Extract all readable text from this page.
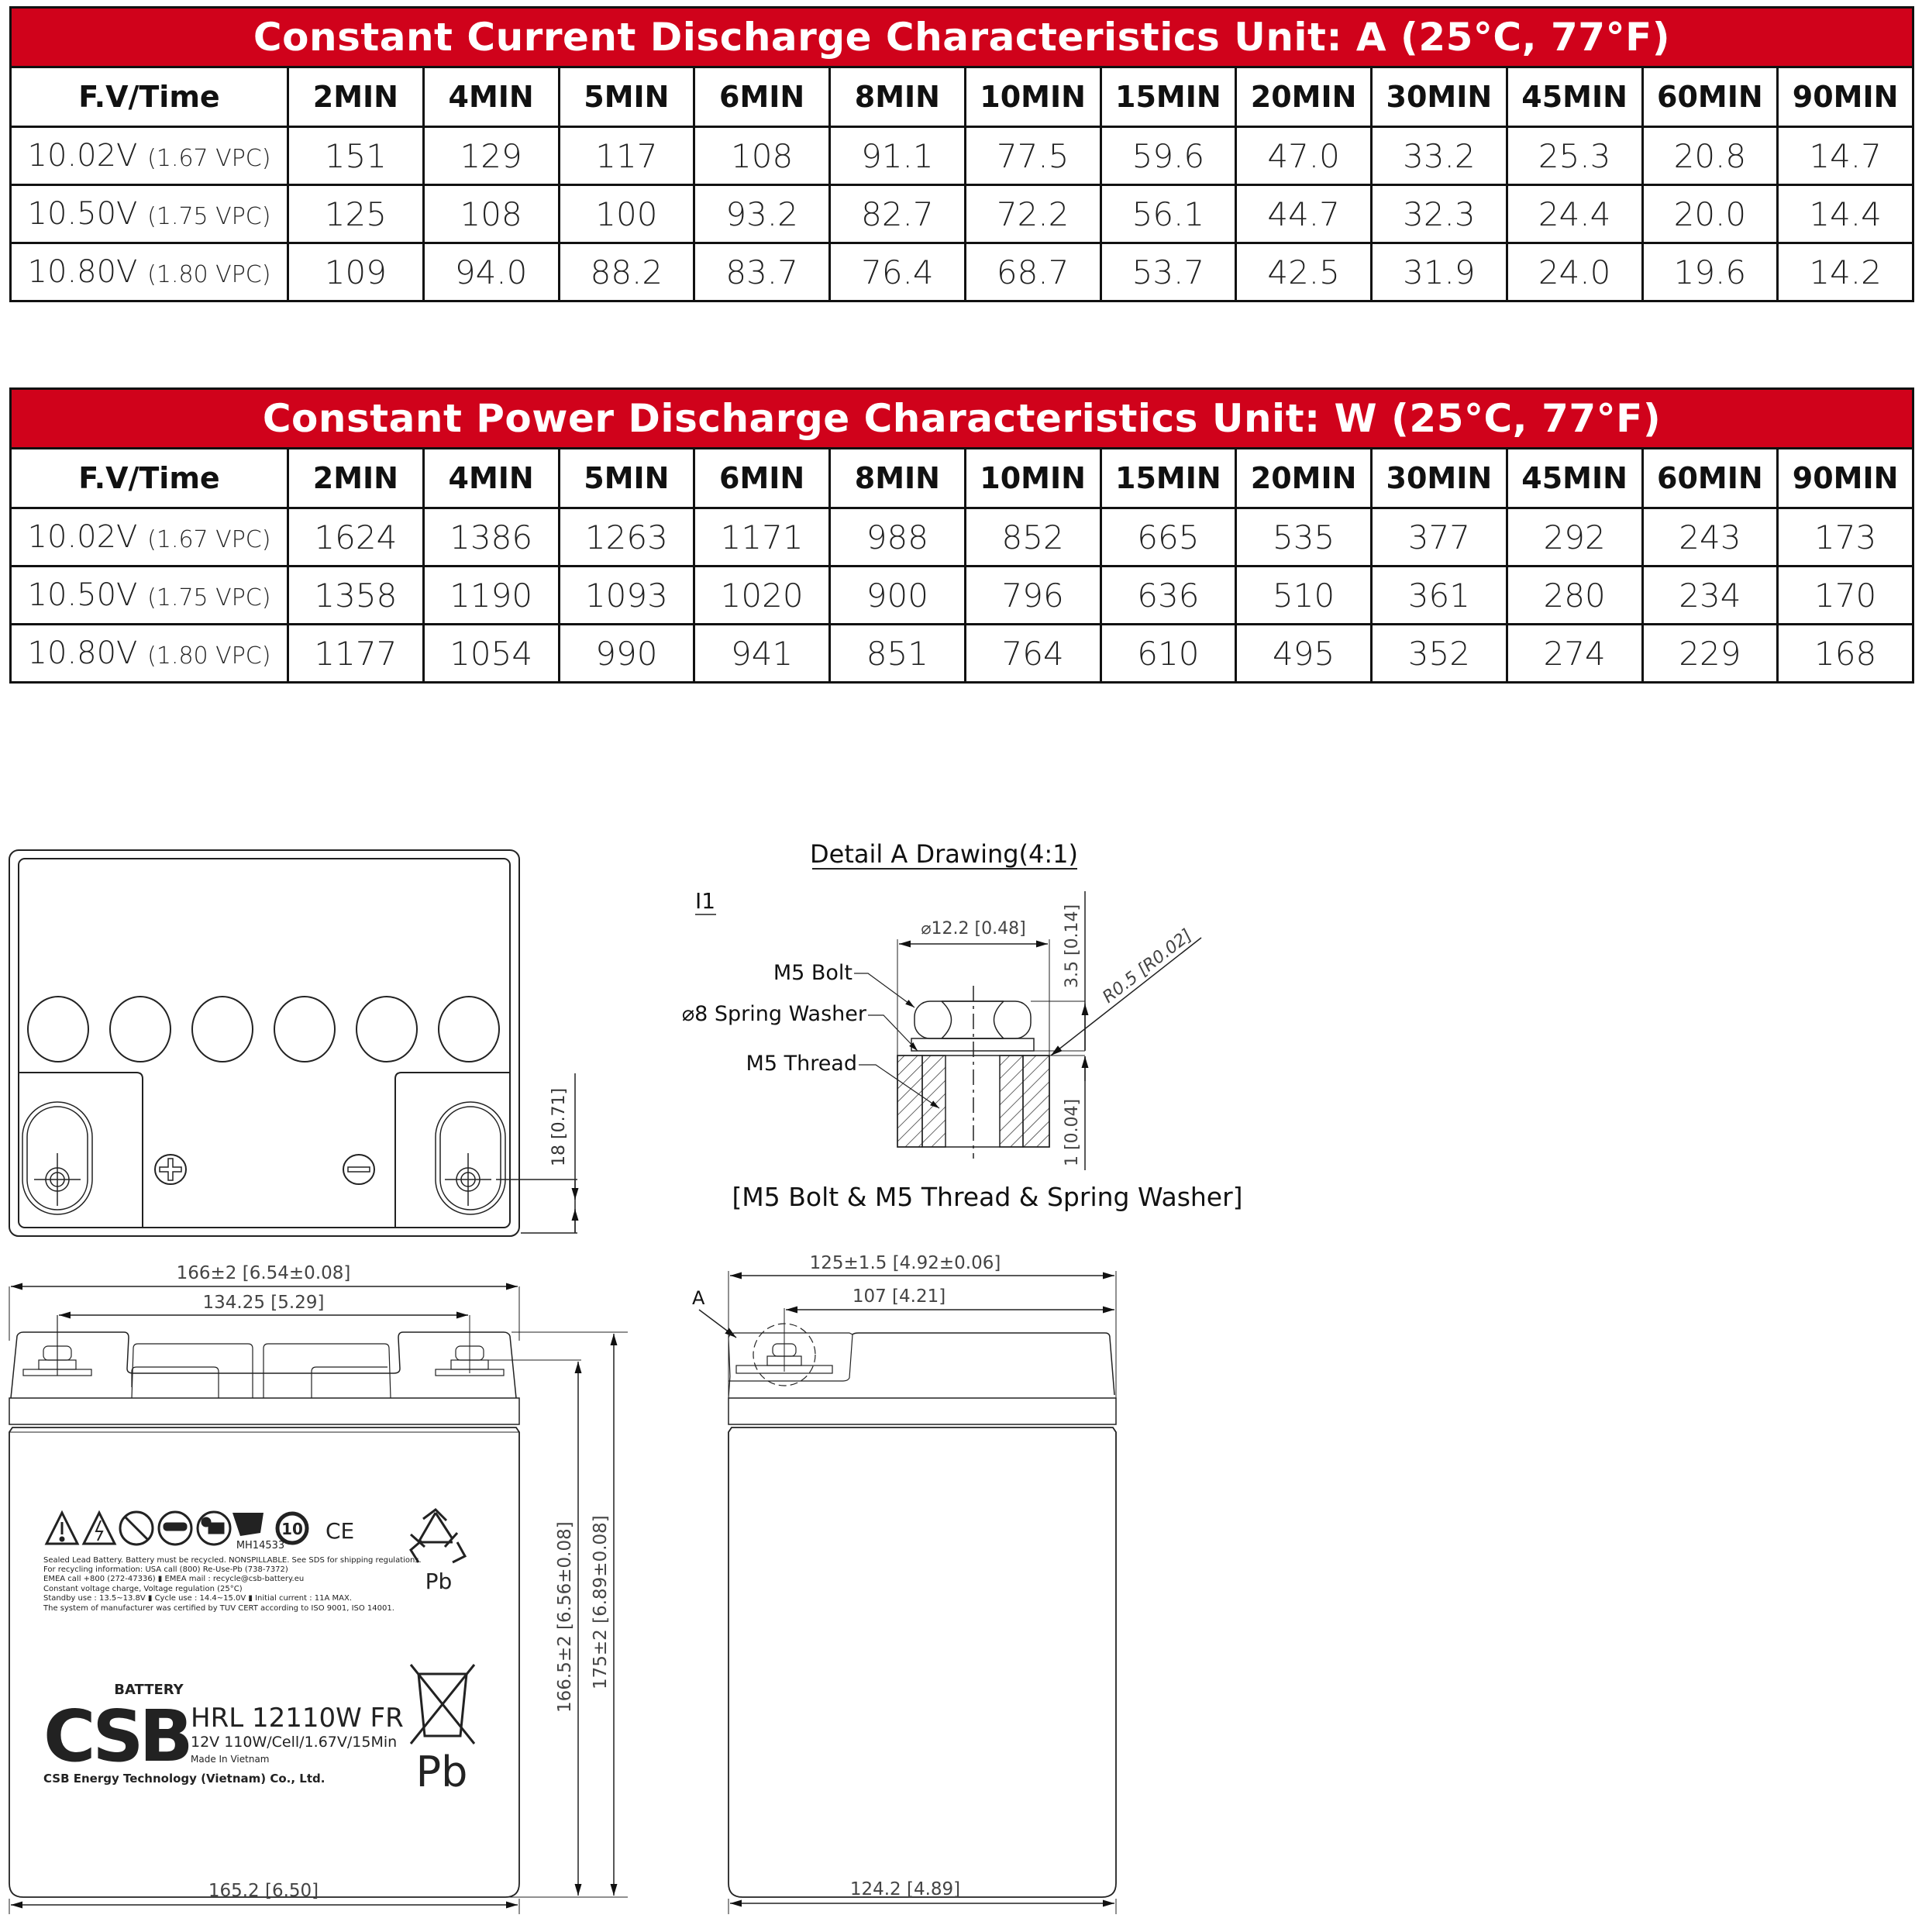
Constant Current Discharge Characteristics Unit: A (25°C, 77°F)												
F.V/Time	2MIN	4MIN	5MIN	6MIN	8MIN	10MIN	15MIN	20MIN	30MIN	45MIN	60MIN	90MIN
10.02V (1.67 VPC)	151	129	117	108	91.1	77.5	59.6	47.0	33.2	25.3	20.8	14.7
10.50V (1.75 VPC)	125	108	100	93.2	82.7	72.2	56.1	44.7	32.3	24.4	20.0	14.4
10.80V (1.80 VPC)	109	94.0	88.2	83.7	76.4	68.7	53.7	42.5	31.9	24.0	19.6	14.2
Constant Power Discharge Characteristics Unit: W (25°C, 77°F)												
F.V/Time	2MIN	4MIN	5MIN	6MIN	8MIN	10MIN	15MIN	20MIN	30MIN	45MIN	60MIN	90MIN
10.02V (1.67 VPC)	1624	1386	1263	1171	988	852	665	535	377	292	243	173
10.50V (1.75 VPC)	1358	1190	1093	1020	900	796	636	510	361	280	234	170
10.80V (1.80 VPC)	1177	1054	990	941	851	764	610	495	352	274	229	168
18 [0.71]
Detail A Drawing(4:1)
I1
⌀12.2 [0.48] 3.5 [0.14]
1 [0.04]
R0.5 [R0.02]
M5 Bolt
⌀8 Spring Washer
M5 Thread
[M5 Bolt & M5 Thread & Spring Washer]
166±2 [6.54±0.08]
134.25 [5.29]
166.5±2 [6.56±0.08] 175±2 [6.89±0.08]
165.2 [6.50]
MH14533
10 CE
Pb
Sealed Lead Battery. Battery must be recycled. NONSPILLABLE. See SDS for shipping regulations.
For recycling information: USA call (800) Re-Use-Pb (738-7372)
EMEA call +800 (272-47336) ▮ EMEA mail : recycle@csb-battery.eu
Constant voltage charge, Voltage regulation (25°C)
Standby use : 13.5~13.8V ▮ Cycle use : 14.4~15.0V ▮ Initial current : 11A MAX.
The system of manufacturer was certified by TUV CERT according to ISO 9001, ISO 14001.
BATTERY
CSB HRL 12110W FR
12V 110W/Cell/1.67V/15Min
Made In Vietnam
CSB Energy Technology (Vietnam) Co., Ltd. Pb
125±1.5 [4.92±0.06]
107 [4.21]
A
124.2 [4.89]
